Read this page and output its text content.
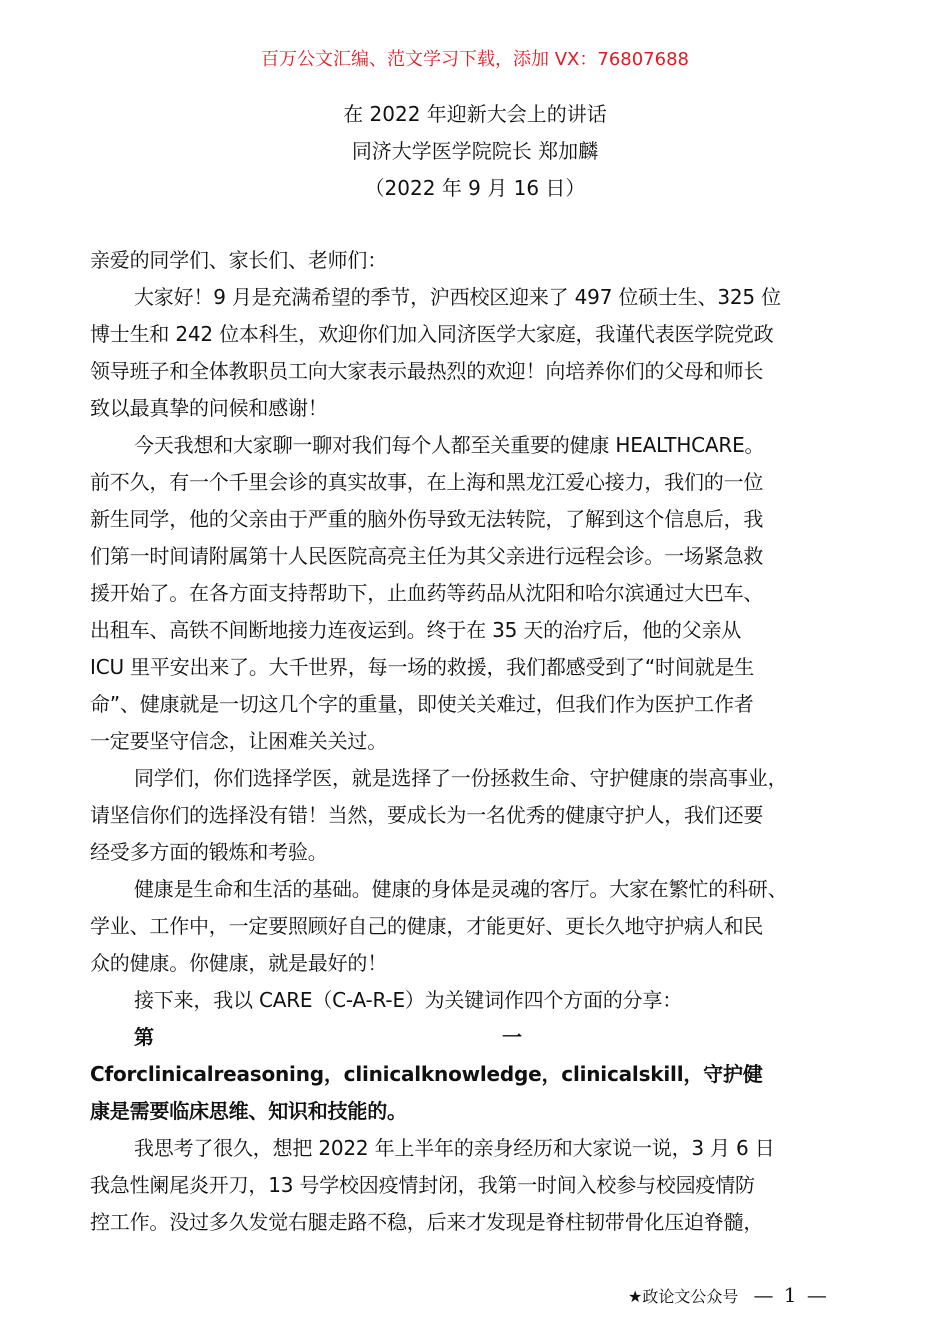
百万公文汇编、范文学习下载，添加 VX：76807688
在 2022 年迎新大会上的讲话
同济大学医学院院长 郑加麟
（2022 年 9 月 16 日）
亲爱的同学们、家长们、老师们：
大家好！9 月是充满希望的季节，沪西校区迎来了 497 位硕士生、325 位
博士生和 242 位本科生，欢迎你们加入同济医学大家庭，我谨代表医学院党政
领导班子和全体教职员工向大家表示最热烈的欢迎！向培养你们的父母和师长
致以最真挚的问候和感谢！
今天我想和大家聊一聊对我们每个人都至关重要的健康 HEALTHCARE。
前不久，有一个千里会诊的真实故事，在上海和黑龙江爱心接力，我们的一位
新生同学，他的父亲由于严重的脑外伤导致无法转院，了解到这个信息后，我
们第一时间请附属第十人民医院高亮主任为其父亲进行远程会诊。一场紧急救
援开始了。在各方面支持帮助下，止血药等药品从沈阳和哈尔滨通过大巴车、
出租车、高铁不间断地接力连夜运到。终于在 35 天的治疗后，他的父亲从
ICU 里平安出来了。大千世界，每一场的救援，我们都感受到了“时间就是生
命”、健康就是一切这几个字的重量，即使关关难过，但我们作为医护工作者
一定要坚守信念，让困难关关过。
同学们，你们选择学医，就是选择了一份拯救生命、守护健康的崇高事业，
请坚信你们的选择没有错！当然，要成长为一名优秀的健康守护人，我们还要
经受多方面的锻炼和考验。
健康是生命和生活的基础。健康的身体是灵魂的客厅。大家在繁忙的科研、
学业、工作中，一定要照顾好自己的健康，才能更好、更长久地守护病人和民
众的健康。你健康，就是最好的！
接下来，我以 CARE（C-A-R-E）为关键词作四个方面的分享：
第	一
Cforclinicalreasoning，clinicalknowledge，clinicalskill，守护健
康是需要临床思维、知识和技能的。
我思考了很久，想把 2022 年上半年的亲身经历和大家说一说，3 月 6 日
我急性阑尾炎开刀，13 号学校因疫情封闭，我第一时间入校参与校园疫情防
控工作。没过多久发觉右腿走路不稳，后来才发现是脊柱韧带骨化压迫脊髓，
★政论文公众号 — 1 —
